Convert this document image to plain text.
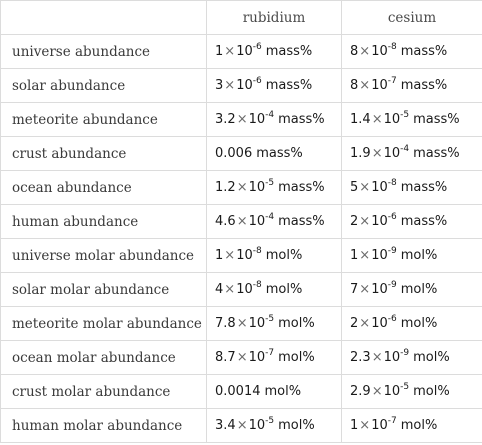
	rubidium	cesium
universe abundance	$1\times 10^{-6}$ mass%	$8\times 10^{-8}$ mass%
solar abundance	$3\times 10^{-6}$ mass%	$8\times 10^{-7}$ mass%
meteorite abundance	$3.2\times 10^{-4}$ mass%	$1.4\times 10^{-5}$ mass%
crust abundance	0.006 mass%	$1.9\times 10^{-4}$ mass%
ocean abundance	$1.2\times 10^{-5}$ mass%	$5\times 10^{-8}$ mass%
human abundance	$4.6\times 10^{-4}$ mass%	$2\times 10^{-6}$ mass%
universe molar abundance	$1\times 10^{-8}$ mol%	$1\times 10^{-9}$ mol%
solar molar abundance	$4\times 10^{-8}$ mol%	$7\times 10^{-9}$ mol%
meteorite molar abundance	$7.8\times 10^{-5}$ mol%	$2\times 10^{-6}$ mol%
ocean molar abundance	$8.7\times 10^{-7}$ mol%	$2.3\times 10^{-9}$ mol%
crust molar abundance	0.0014 mol%	$2.9\times 10^{-5}$ mol%
human molar abundance	$3.4\times 10^{-5}$ mol%	$1\times 10^{-7}$ mol%
